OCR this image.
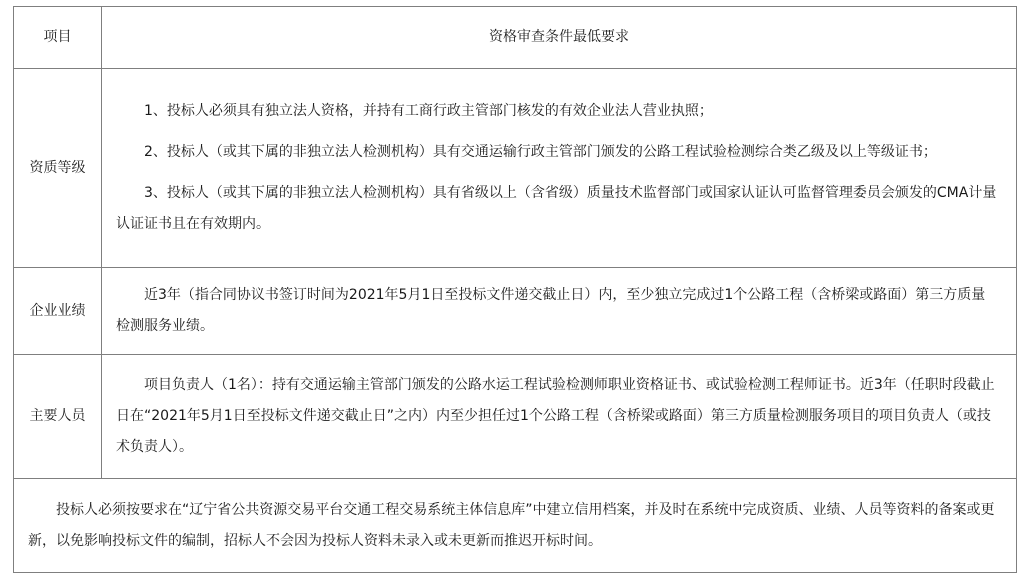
项目	资格审查条件最低要求
资质等级	1、投标人必须具有独立法人资格，并持有工商行政主管部门核发的有效企业法人营业执照；

2、投标人（或其下属的非独立法人检测机构）具有交通运输行政主管部门颁发的公路工程试验检测综合类乙级及以上等级证书；

3、投标人（或其下属的非独立法人检测机构）具有省级以上（含省级）质量技术监督部门或国家认证认可监督管理委员会颁发的CMA计量认证证书且在有效期内。

企业业绩	近3年（指合同协议书签订时间为2021年5月1日至投标文件递交截止日）内，至少独立完成过1个公路工程（含桥梁或路面）第三方质量检测服务业绩。

主要人员	项目负责人（1名）：持有交通运输主管部门颁发的公路水运工程试验检测师职业资格证书、或试验检测工程师证书。近3年（任职时段截止日在“2021年5月1日至投标文件递交截止日”之内）内至少担任过1个公路工程（含桥梁或路面）第三方质量检测服务项目的项目负责人（或技术负责人）。

投标人必须按要求在“辽宁省公共资源交易平台交通工程交易系统主体信息库”中建立信用档案，并及时在系统中完成资质、业绩、人员等资料的备案或更新，以免影响投标文件的编制，招标人不会因为投标人资料未录入或未更新而推迟开标时间。	
